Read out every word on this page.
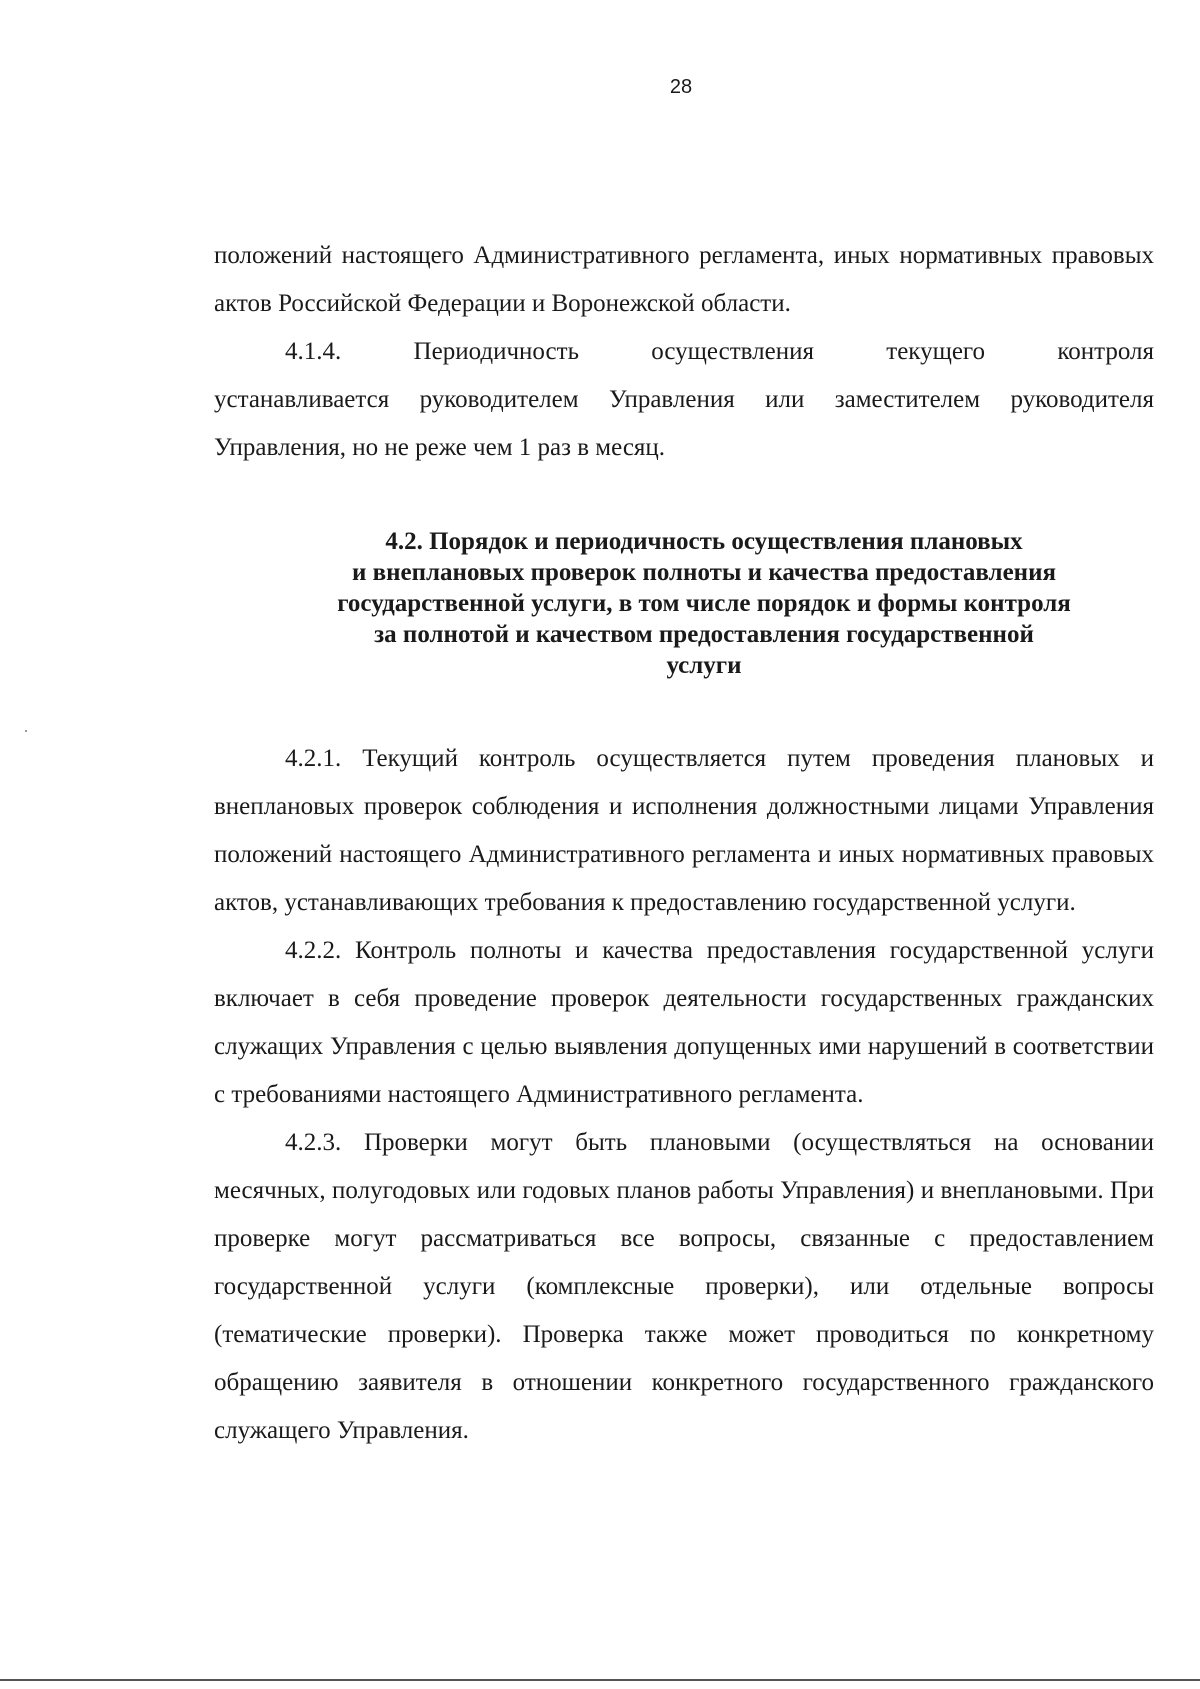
28

положений настоящего Административного регламента, иных нормативных правовых актов Российской Федерации и Воронежской области.

4.1.4. Периодичность осуществления текущего контроля

устанавливается руководителем Управления или заместителем руководителя Управления, но не реже чем 1 раз в месяц.

4.2. Порядок и периодичность осуществления плановых
и внеплановых проверок полноты и качества предоставления
государственной услуги, в том числе порядок и формы контроля
за полнотой и качеством предоставления государственной
услуги

4.2.1. Текущий контроль осуществляется путем проведения плановых и внеплановых проверок соблюдения и исполнения должностными лицами Управления положений настоящего Административного регламента и иных нормативных правовых актов, устанавливающих требования к предоставлению государственной услуги.

4.2.2. Контроль полноты и качества предоставления государственной услуги включает в себя проведение проверок деятельности государственных гражданских служащих Управления с целью выявления допущенных ими нарушений в соответствии с требованиями настоящего Административного регламента.

4.2.3. Проверки могут быть плановыми (осуществляться на основании месячных, полугодовых или годовых планов работы Управления) и внеплановыми. При проверке могут рассматриваться все вопросы, связанные с предоставлением государственной услуги (комплексные проверки), или отдельные вопросы (тематические проверки). Проверка также может проводиться по конкретному обращению заявителя в отношении конкретного государственного гражданского служащего Управления.
